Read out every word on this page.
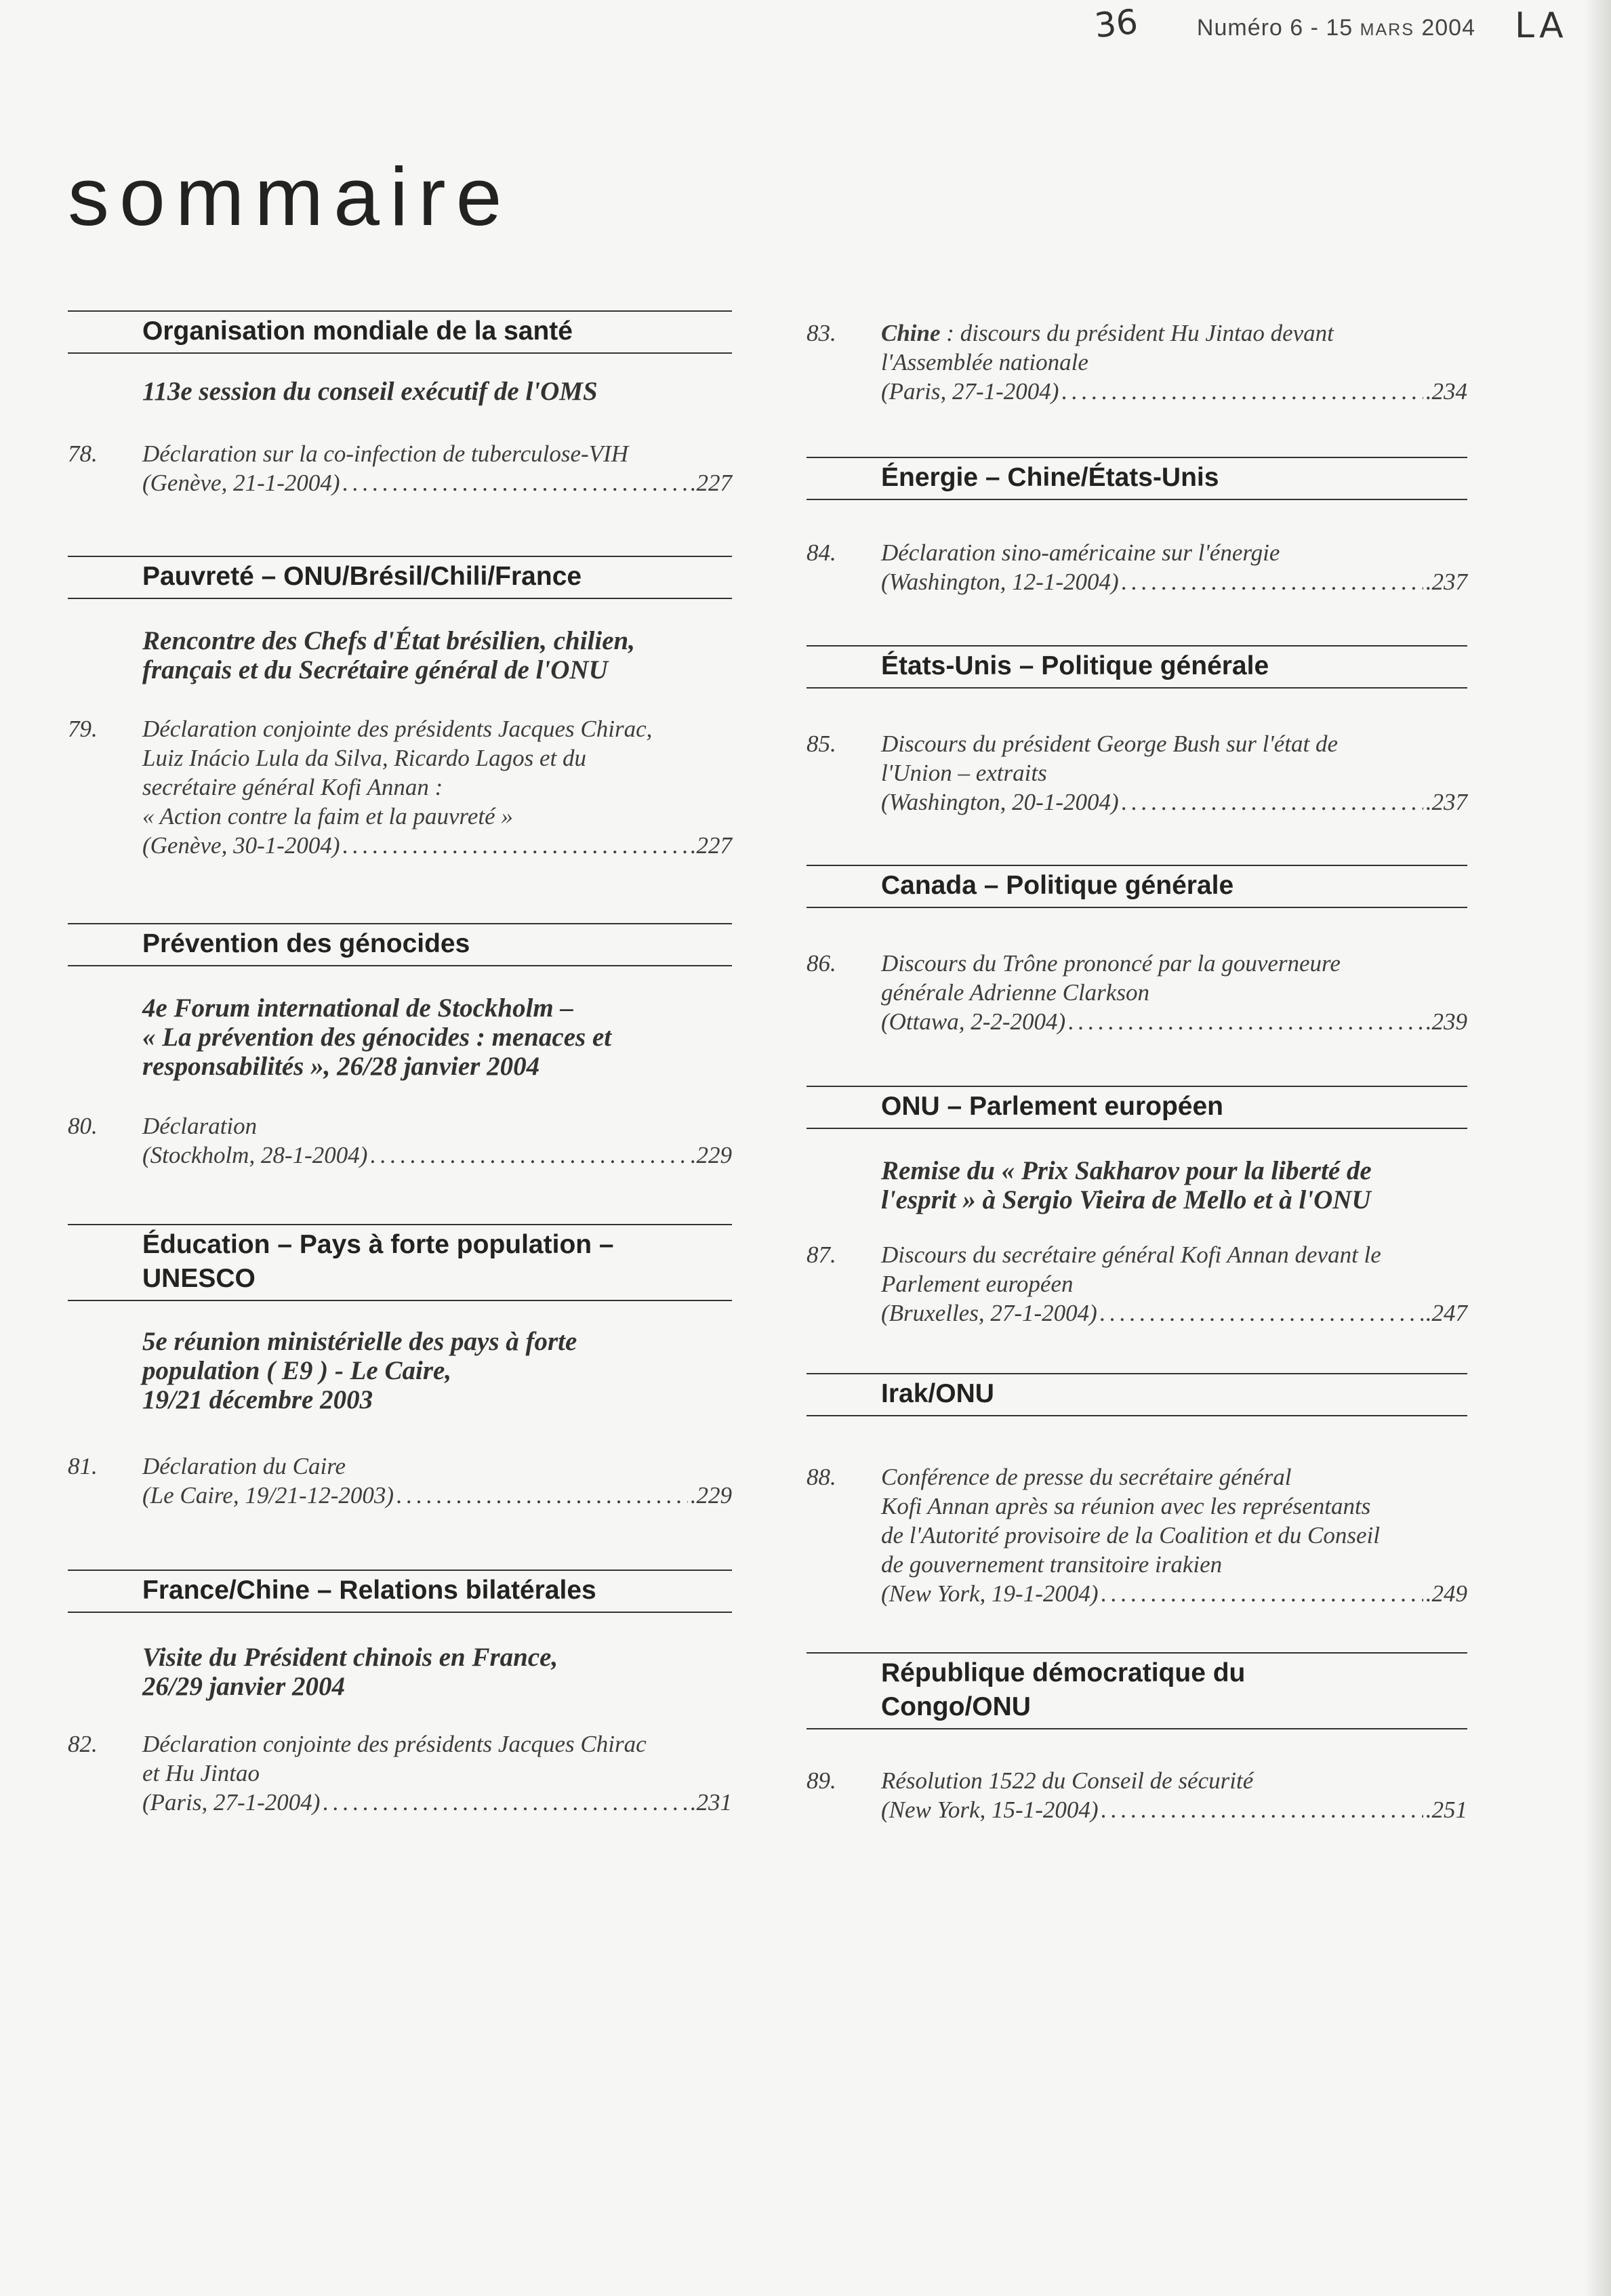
36 Numéro 6 - 15 MARS 2004 LA
sommaire
Organisation mondiale de la santé
113e session du conseil exécutif de l'OMS
78. Déclaration sur la co-infection de tuberculose-VIH
(Genève, 21-1-2004) .....	.227
Pauvreté – ONU/Brésil/Chili/France
Rencontre des Chefs d'État brésilien, chilien,
français et du Secrétaire général de l'ONU
79. Déclaration conjointe des présidents Jacques Chirac,
Luiz Inácio Lula da Silva, Ricardo Lagos et du
secrétaire général Kofi Annan :
« Action contre la faim et la pauvreté »
(Genève, 30-1-2004) .....	.227
Prévention des génocides
4e Forum international de Stockholm –
« La prévention des génocides : menaces et
responsabilités », 26/28 janvier 2004
80. Déclaration
(Stockholm, 28-1-2004) .....	.229
Éducation – Pays à forte population –
UNESCO
5e réunion ministérielle des pays à forte
population ( E9 ) - Le Caire,
19/21 décembre 2003
81. Déclaration du Caire
(Le Caire, 19/21-12-2003) .....	.229
France/Chine – Relations bilatérales
Visite du Président chinois en France,
26/29 janvier 2004
82. Déclaration conjointe des présidents Jacques Chirac
et Hu Jintao
(Paris, 27-1-2004) .....	.231
83. Chine : discours du président Hu Jintao devant
l'Assemblée nationale
(Paris, 27-1-2004) .....	.234
Énergie – Chine/États-Unis
84. Déclaration sino-américaine sur l'énergie
(Washington, 12-1-2004) .....	.237
États-Unis – Politique générale
85. Discours du président George Bush sur l'état de
l'Union – extraits
(Washington, 20-1-2004) .....	.237
Canada – Politique générale
86. Discours du Trône prononcé par la gouverneure
générale Adrienne Clarkson
(Ottawa, 2-2-2004) .....	.239
ONU – Parlement européen
Remise du « Prix Sakharov pour la liberté de
l'esprit » à Sergio Vieira de Mello et à l'ONU
87. Discours du secrétaire général Kofi Annan devant le
Parlement européen
(Bruxelles, 27-1-2004) .....	.247
Irak/ONU
88. Conférence de presse du secrétaire général
Kofi Annan après sa réunion avec les représentants
de l'Autorité provisoire de la Coalition et du Conseil
de gouvernement transitoire irakien
(New York, 19-1-2004) .....	.249
République démocratique du
Congo/ONU
89. Résolution 1522 du Conseil de sécurité
(New York, 15-1-2004) .....	.251
